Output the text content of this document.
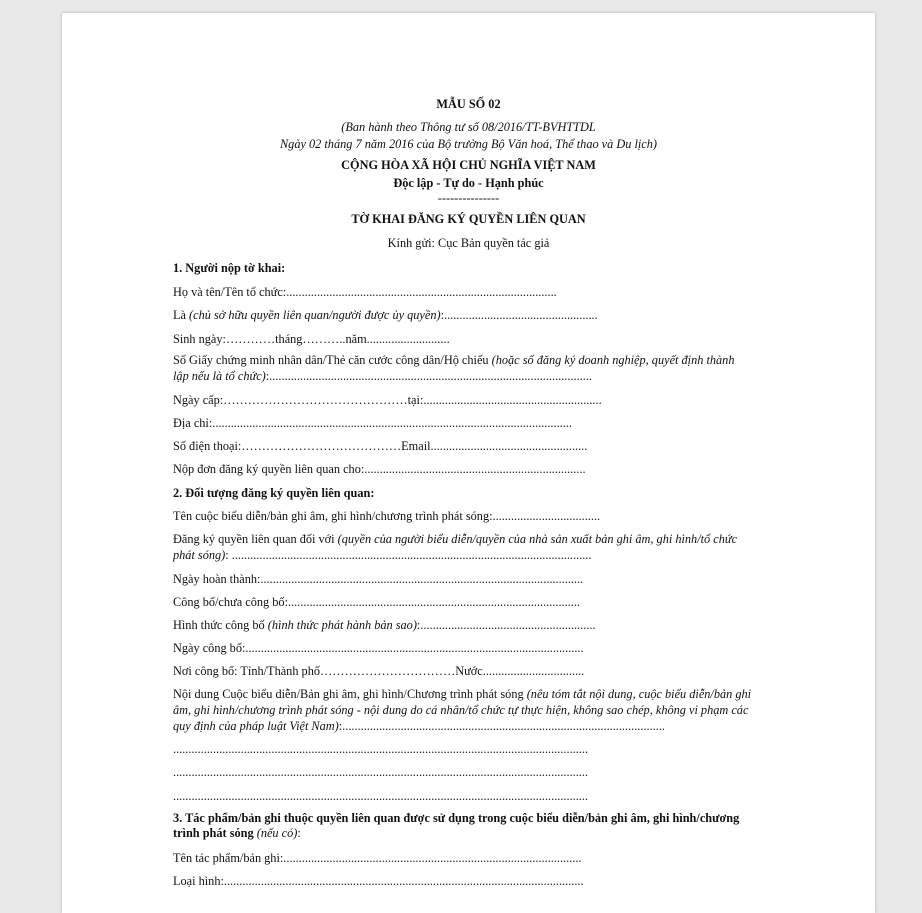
MẪU SỐ 02
(Ban hành theo Thông tư số 08/2016/TT-BVHTTDL
Ngày 02 tháng 7 năm 2016 của Bộ trưởng Bộ Văn hoá, Thể thao và Du lịch)
CỘNG HÒA XÃ HỘI CHỦ NGHĨA VIỆT NAM
Độc lập - Tự do - Hạnh phúc
---------------
TỜ KHAI ĐĂNG KÝ QUYỀN LIÊN QUAN
Kính gửi: Cục Bản quyền tác giả
1. Người nộp tờ khai:
Họ và tên/Tên tổ chức:........................................................................................
Là (chủ sở hữu quyền liên quan/người được ủy quyền):..................................................
Sinh ngày:…………tháng………..năm...........................
Số Giấy chứng minh nhân dân/Thẻ căn cước công dân/Hộ chiếu (hoặc số đăng ký doanh nghiệp, quyết định thành
lập nếu là tổ chức):.........................................................................................................
Ngày cấp:………………………………………tại:..........................................................
Địa chỉ:.....................................................................................................................
Số điện thoại:…………………………………Email...................................................
Nộp đơn đăng ký quyền liên quan cho:........................................................................
2. Đối tượng đăng ký quyền liên quan:
Tên cuộc biểu diễn/bản ghi âm, ghi hình/chương trình phát sóng:...................................
Đăng ký quyền liên quan đối với (quyền của người biểu diễn/quyền của nhà sản xuất bản ghi âm, ghi hình/tổ chức
phát sóng): .....................................................................................................................
Ngày hoàn thành:.........................................................................................................
Công bố/chưa công bố:...............................................................................................
Hình thức công bố (hình thức phát hành bản sao):.........................................................
Ngày công bố:..............................................................................................................
Nơi công bố: Tỉnh/Thành phố……………………………Nước.................................
Nội dung Cuộc biểu diễn/Bản ghi âm, ghi hình/Chương trình phát sóng (nêu tóm tắt nội dung, cuộc biểu diễn/bản ghi
âm, ghi hình/chương trình phát sóng - nội dung do cá nhân/tổ chức tự thực hiện, không sao chép, không vi phạm các
quy định của pháp luật Việt Nam):.........................................................................................................
.......................................................................................................................................
.......................................................................................................................................
.......................................................................................................................................
3. Tác phẩm/bản ghi thuộc quyền liên quan được sử dụng trong cuộc biểu diễn/bản ghi âm, ghi hình/chương
trình phát sóng (nếu có):
Tên tác phẩm/bản ghi:.................................................................................................
Loại hình:.....................................................................................................................
